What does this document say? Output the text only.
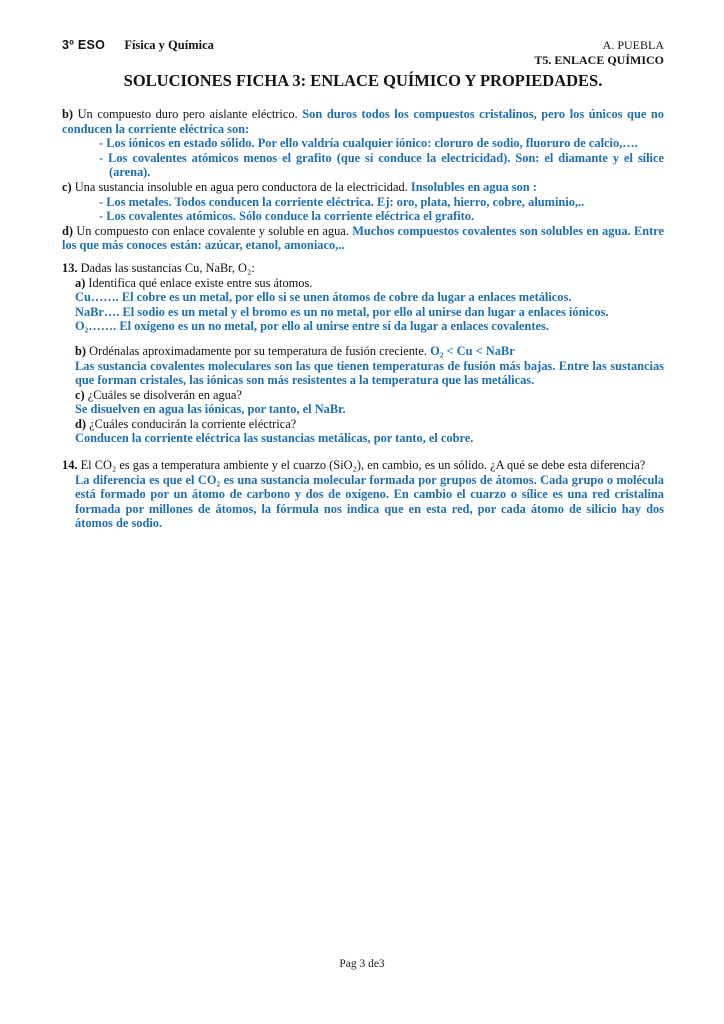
3º ESO Física y Química	A. PUEBLA
T5. ENLACE QUÍMICO
SOLUCIONES FICHA 3: ENLACE QUÍMICO Y PROPIEDADES.

b) Un compuesto duro pero aislante eléctrico. Son duros todos los compuestos cristalinos, pero los únicos que no conducen la corriente eléctrica son:

- Los iónicos en estado sólido. Por ello valdría cualquier iónico: cloruro de sodio, fluoruro de calcio,….

- Los covalentes atómicos menos el grafito (que sí conduce la electricidad). Son: el diamante y el sílice (arena).

c) Una sustancia insoluble en agua pero conductora de la electricidad. Insolubles en agua son :

- Los metales. Todos conducen la corriente eléctrica. Ej: oro, plata, hierro, cobre, aluminio,..

- Los covalentes atómicos. Sólo conduce la corriente eléctrica el grafito.

d) Un compuesto con enlace covalente y soluble en agua. Muchos compuestos covalentes son solubles en agua. Entre los que más conoces están: azúcar, etanol, amoniaco,..

13. Dadas las sustancias Cu, NaBr, O₂:

a) Identifica qué enlace existe entre sus átomos.

Cu……. El cobre es un metal, por ello si se unen átomos de cobre da lugar a enlaces metálicos.

NaBr…. El sodio es un metal y el bromo es un no metal, por ello al unirse dan lugar a enlaces iónicos.

O₂……. El oxígeno es un no metal, por ello al unirse entre sí da lugar a enlaces covalentes.

b) Ordénalas aproximadamente por su temperatura de fusión creciente. O₂ < Cu < NaBr

Las sustancia covalentes moleculares son las que tienen temperaturas de fusión más bajas. Entre las sustancias que forman cristales, las iónicas son más resistentes a la temperatura que las metálicas.

c) ¿Cuáles se disolverán en agua?

Se disuelven en agua las iónicas, por tanto, el NaBr.

d) ¿Cuáles conducirán la corriente eléctrica?

Conducen la corriente eléctrica las sustancias metálicas, por tanto, el cobre.

14. El CO₂ es gas a temperatura ambiente y el cuarzo (SiO₂), en cambio, es un sólido. ¿A qué se debe esta diferencia?

La diferencia es que el CO₂ es una sustancia molecular formada por grupos de átomos. Cada grupo o molécula está formado por un átomo de carbono y dos de oxígeno. En cambio el cuarzo o sílice es una red cristalina formada por millones de átomos, la fórmula nos indica que en esta red, por cada átomo de silicio hay dos átomos de sodio.

Pag 3 de3
